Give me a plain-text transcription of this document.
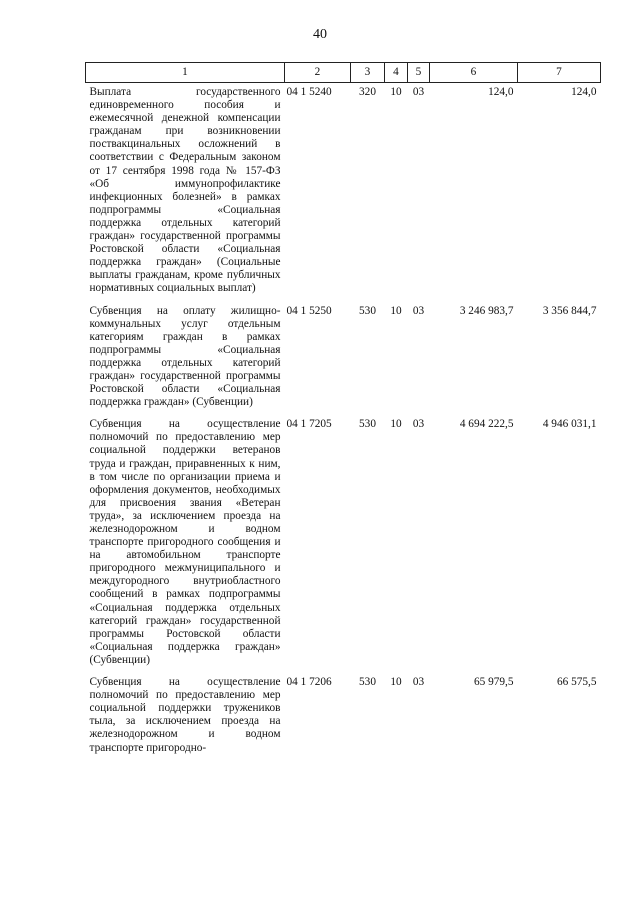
40
1	2	3	4	5	6	7
Выплата государственного единовременного пособия и ежемесячной денежной компенсации гражданам при возникновении поствакцинальных осложнений в соответствии с Федеральным законом от 17 сентября 1998 года № 157-ФЗ «Об иммунопрофилактике инфекционных болезней» в рамках подпрограммы «Социальная поддержка отдельных категорий граждан» государственной программы Ростовской области «Социальная поддержка граждан» (Социальные выплаты гражданам, кроме публичных нормативных социальных выплат)	04 1 5240	320	10	03	124,0	124,0
Субвенция на оплату жилищно-коммунальных услуг отдельным категориям граждан в рамках подпрограммы «Социальная поддержка отдельных категорий граждан» государственной программы Ростовской области «Социальная поддержка граждан» (Субвенции)	04 1 5250	530	10	03	3 246 983,7	3 356 844,7
Субвенция на осуществление полномочий по предоставлению мер социальной поддержки ветеранов труда и граждан, приравненных к ним, в том числе по организации приема и оформления документов, необходимых для присвоения звания «Ветеран труда», за исключением проезда на железнодорожном и водном транспорте пригородного сообщения и на автомобильном транспорте пригородного межмуниципального и междугородного внутриобластного сообщений в рамках подпрограммы «Социальная поддержка отдельных категорий граждан» государственной программы Ростовской области «Социальная поддержка граждан» (Субвенции)	04 1 7205	530	10	03	4 694 222,5	4 946 031,1
Субвенция на осуществление полномочий по предоставлению мер социальной поддержки тружеников тыла, за исключением проезда на железнодорожном и водном транспорте пригородно-	04 1 7206	530	10	03	65 979,5	66 575,5
